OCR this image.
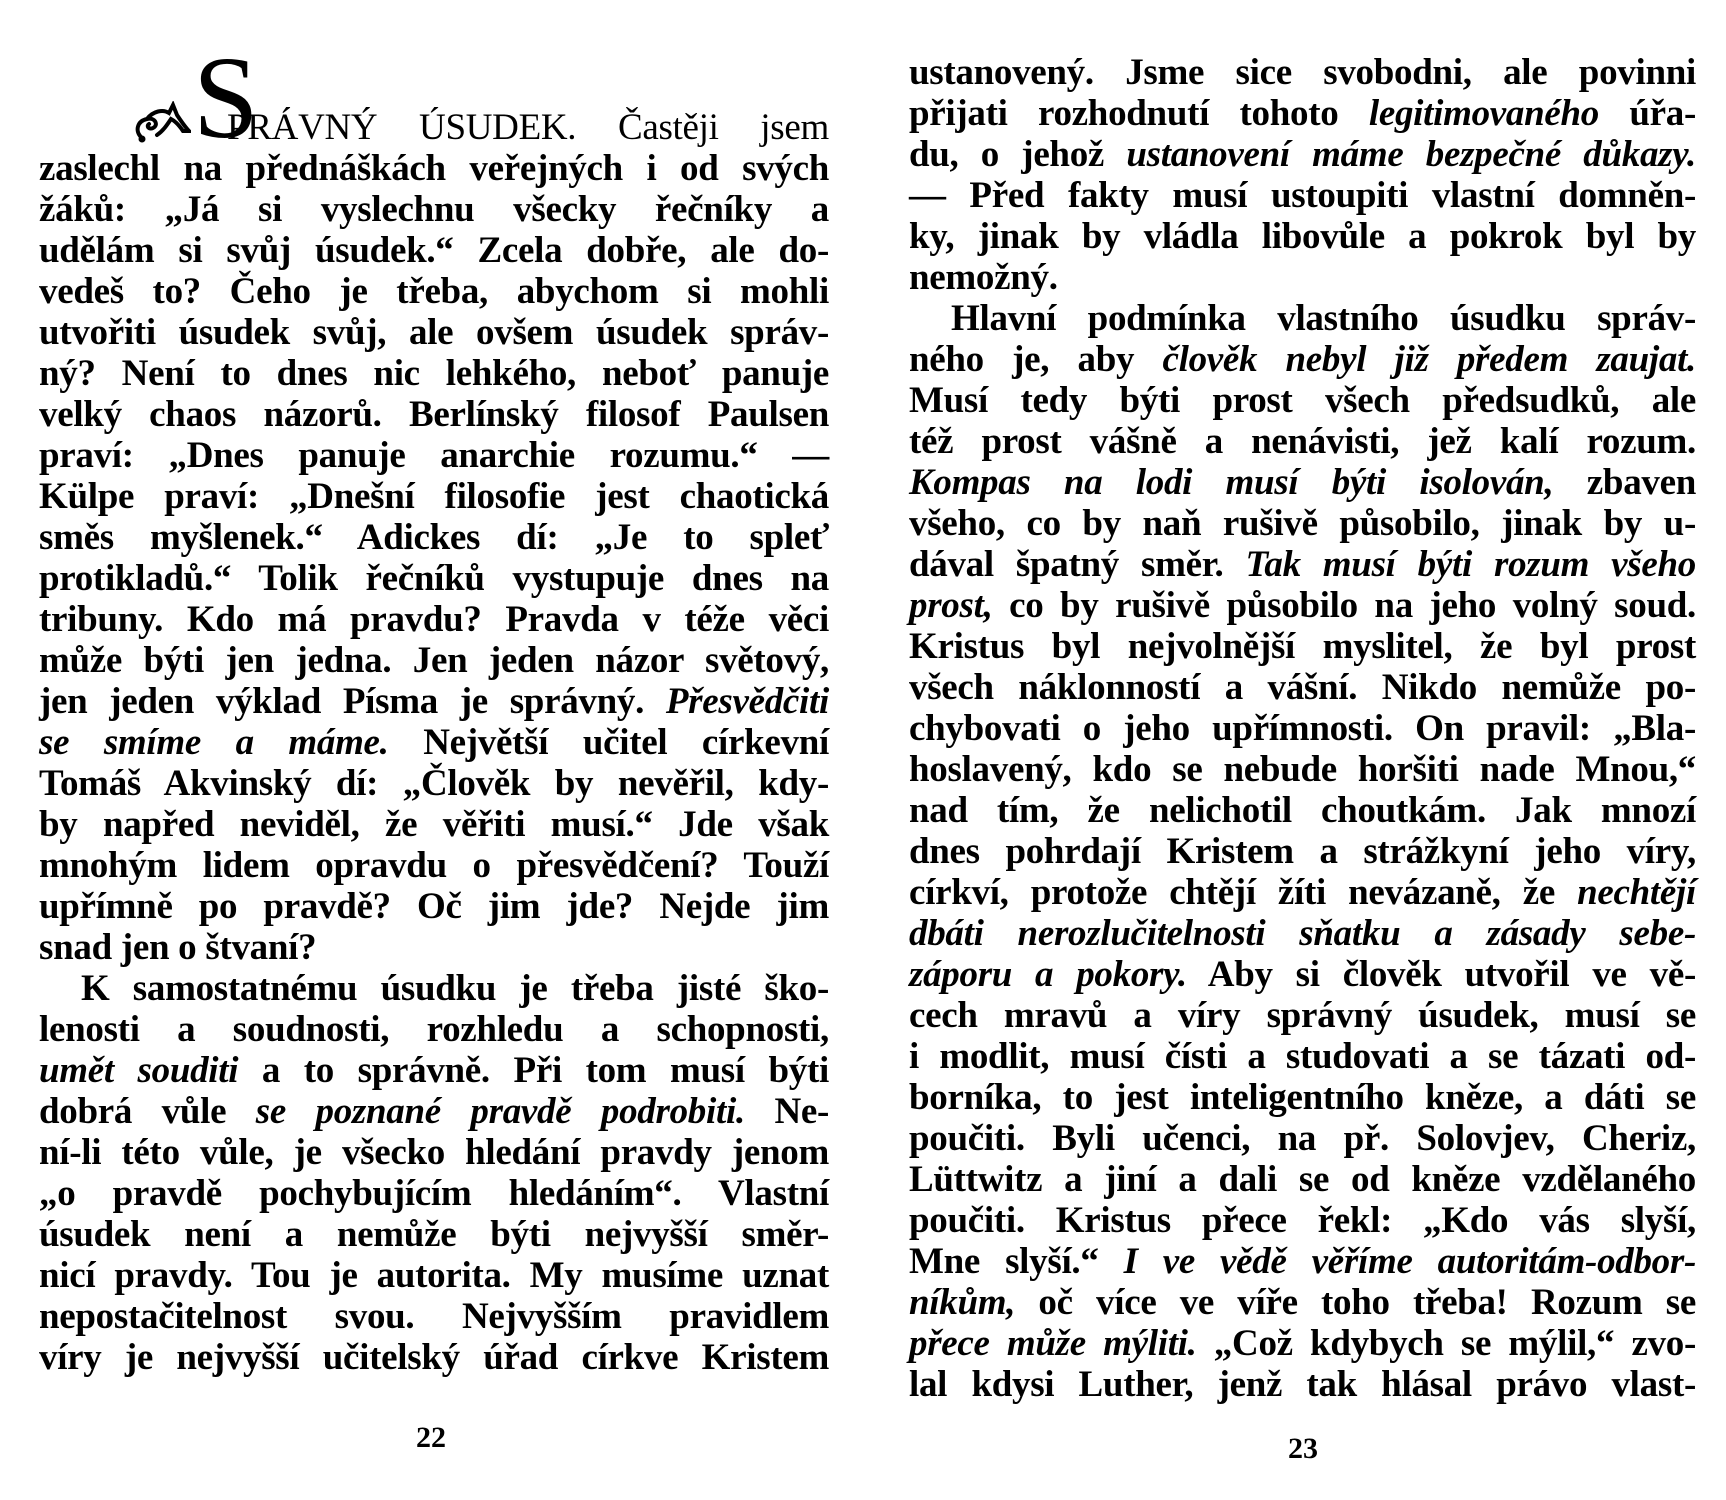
S
PRÁVNÝ ÚSUDEK. Častěji jsem
zaslechl na přednáškách veřejných i od svých
žáků: „Já si vyslechnu všecky řečníky a
udělám si svůj úsudek.“ Zcela dobře, ale do-
vedeš to? Čeho je třeba, abychom si mohli
utvořiti úsudek svůj, ale ovšem úsudek správ-
ný? Není to dnes nic lehkého, neboť panuje
velký chaos názorů. Berlínský filosof Paulsen
praví: „Dnes panuje anarchie rozumu.“ —
Külpe praví: „Dnešní filosofie jest chaotická
směs myšlenek.“ Adickes dí: „Je to spleť
protikladů.“ Tolik řečníků vystupuje dnes na
tribuny. Kdo má pravdu? Pravda v téže věci
může býti jen jedna. Jen jeden názor světový,
jen jeden výklad Písma je správný. Přesvědčiti
se smíme a máme. Největší učitel církevní
Tomáš Akvinský dí: „Člověk by nevěřil, kdy-
by napřed neviděl, že věřiti musí.“ Jde však
mnohým lidem opravdu o přesvědčení? Touží
upřímně po pravdě? Oč jim jde? Nejde jim
snad jen o štvaní?
K samostatnému úsudku je třeba jisté ško-
lenosti a soudnosti, rozhledu a schopnosti,
umět souditi a to správně. Při tom musí býti
dobrá vůle se poznané pravdě podrobiti. Ne-
ní-li této vůle, je všecko hledání pravdy jenom
„o pravdě pochybujícím hledáním“. Vlastní
úsudek není a nemůže býti nejvyšší směr-
nicí pravdy. Tou je autorita. My musíme uznat
nepostačitelnost svou. Nejvyšším pravidlem
víry je nejvyšší učitelský úřad církve Kristem
ustanovený. Jsme sice svobodni, ale povinni
přijati rozhodnutí tohoto legitimovaného úřa-
du, o jehož ustanovení máme bezpečné důkazy.
— Před fakty musí ustoupiti vlastní domněn-
ky, jinak by vládla libovůle a pokrok byl by
nemožný.
Hlavní podmínka vlastního úsudku správ-
ného je, aby člověk nebyl již předem zaujat.
Musí tedy býti prost všech předsudků, ale
též prost vášně a nenávisti, jež kalí rozum.
Kompas na lodi musí býti isolován, zbaven
všeho, co by naň rušivě působilo, jinak by u-
dával špatný směr. Tak musí býti rozum všeho
prost, co by rušivě působilo na jeho volný soud.
Kristus byl nejvolnější myslitel, že byl prost
všech náklonností a vášní. Nikdo nemůže po-
chybovati o jeho upřímnosti. On pravil: „Bla-
hoslavený, kdo se nebude horšiti nade Mnou,“
nad tím, že nelichotil choutkám. Jak mnozí
dnes pohrdají Kristem a strážkyní jeho víry,
církví, protože chtějí žíti nevázaně, že nechtějí
dbáti nerozlučitelnosti sňatku a zásady sebe-
záporu a pokory. Aby si člověk utvořil ve vě-
cech mravů a víry správný úsudek, musí se
i modlit, musí čísti a studovati a se tázati od-
borníka, to jest inteligentního kněze, a dáti se
poučiti. Byli učenci, na př. Solovjev, Cheriz,
Lüttwitz a jiní a dali se od kněze vzdělaného
poučiti. Kristus přece řekl: „Kdo vás slyší,
Mne slyší.“ I ve vědě věříme autoritám-odbor-
níkům, oč více ve víře toho třeba! Rozum se
přece může mýliti. „Což kdybych se mýlil,“ zvo-
lal kdysi Luther, jenž tak hlásal právo vlast-
22	23
